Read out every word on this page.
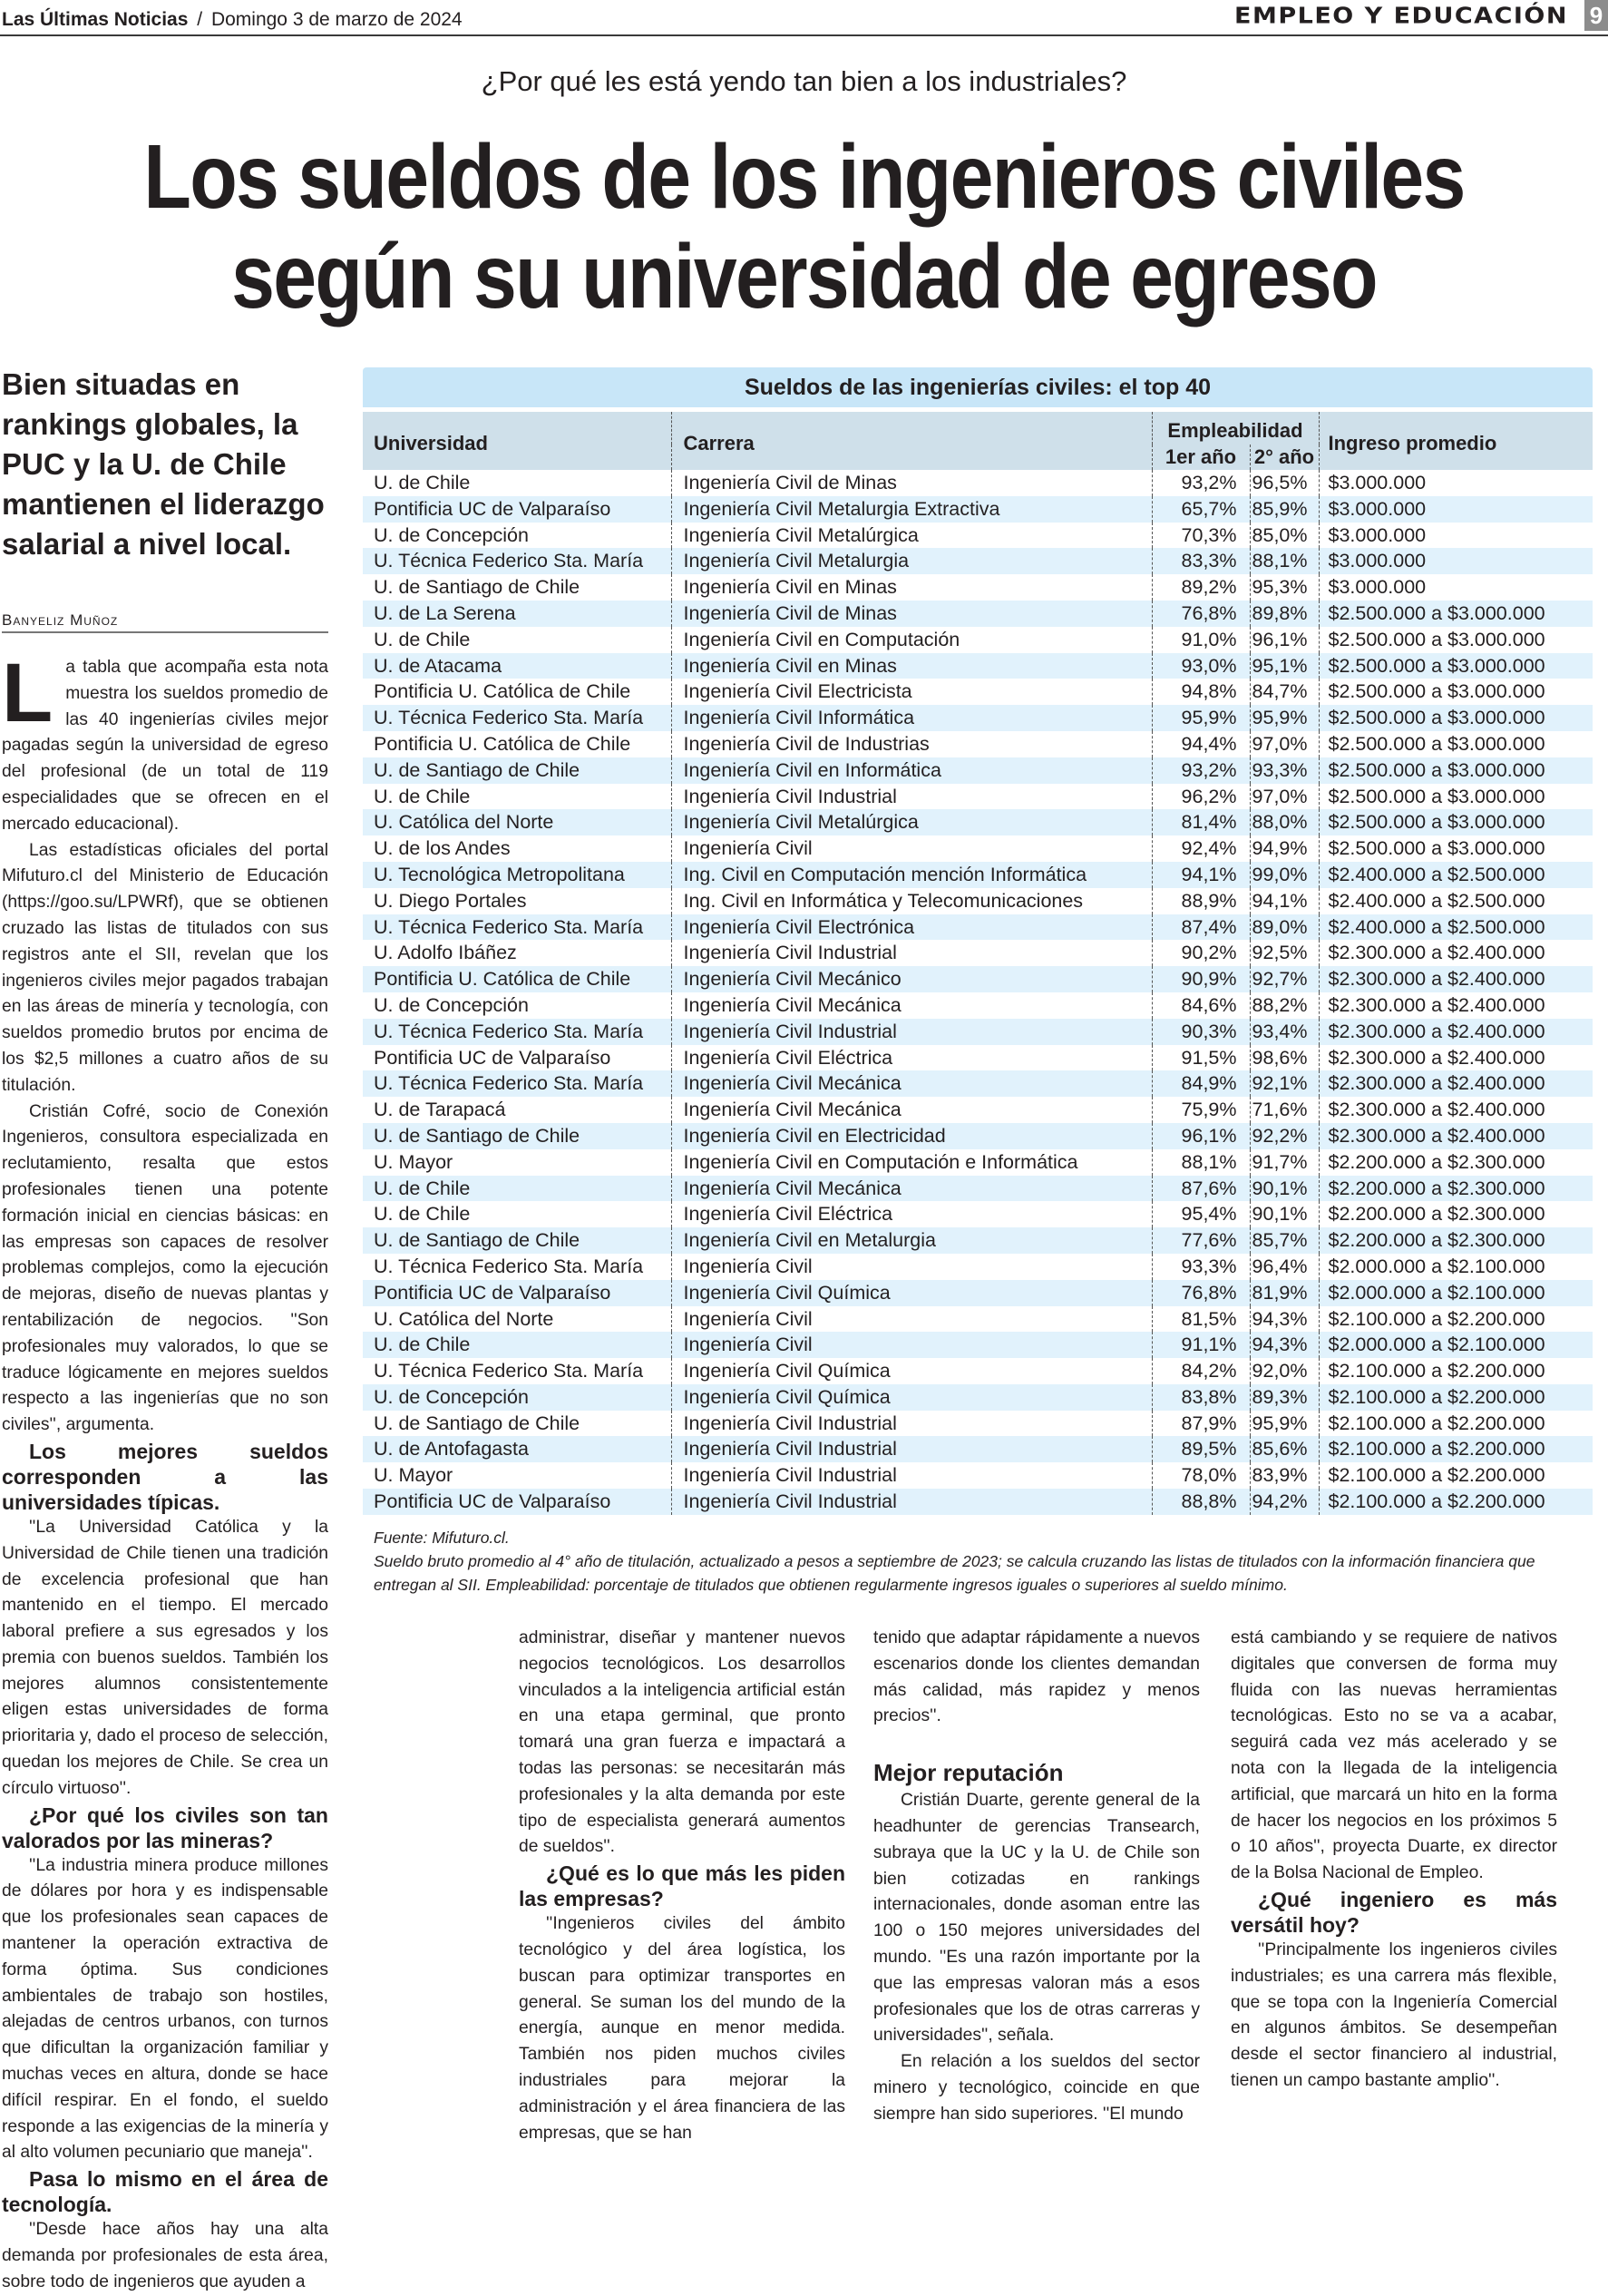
Las Últimas Noticias / Domingo 3 de marzo de 2024	EMPLEO Y EDUCACIÓN 9
¿Por qué les está yendo tan bien a los industriales?
Los sueldos de los ingenieros civiles
según su universidad de egreso
Bien situadas en rankings globales, la PUC y la U. de Chile mantienen el liderazgo salarial a nivel local.
Banyeliz Muñoz

La tabla que acompaña esta nota muestra los sueldos promedio de las 40 ingenierías civiles mejor pagadas según la universidad de egreso del profesional (de un total de 119 especialidades que se ofrecen en el mercado educacional).

Las estadísticas oficiales del portal Mifuturo.cl del Ministerio de Educación (https://goo.su/LPWRf), que se obtienen cruzado las listas de titulados con sus registros ante el SII, revelan que los ingenieros civiles mejor pagados trabajan en las áreas de minería y tecnología, con sueldos promedio brutos por encima de los $2,5 millones a cuatro años de su titulación.

Cristián Cofré, socio de Conexión Ingenieros, consultora especializada en reclutamiento, resalta que estos profesionales tienen una potente formación inicial en ciencias básicas: en las empresas son capaces de resolver problemas complejos, como la ejecución de mejoras, diseño de nuevas plantas y rentabilización de negocios. ''Son profesionales muy valorados, lo que se traduce lógicamente en mejores sueldos respecto a las ingenierías que no son civiles'', argumenta.

Los mejores sueldos corresponden a las universidades típicas.

''La Universidad Católica y la Universidad de Chile tienen una tradición de excelencia profesional que han mantenido en el tiempo. El mercado laboral prefiere a sus egresados y los premia con buenos sueldos. También los mejores alumnos consistentemente eligen estas universidades de forma prioritaria y, dado el proceso de selección, quedan los mejores de Chile. Se crea un círculo virtuoso''.

¿Por qué los civiles son tan valorados por las mineras?

''La industria minera produce millones de dólares por hora y es indispensable que los profesionales sean capaces de mantener la operación extractiva de forma óptima. Sus condiciones ambientales de trabajo son hostiles, alejadas de centros urbanos, con turnos que dificultan la organización familiar y muchas veces en altura, donde se hace difícil respirar. En el fondo, el sueldo responde a las exigencias de la minería y al alto volumen pecuniario que maneja''.

Pasa lo mismo en el área de tecnología.

''Desde hace años hay una alta demanda por profesionales de esta área, sobre todo de ingenieros que ayuden a

Sueldos de las ingenierías civiles: el top 40
Universidad	Carrera	Empleabilidad		Ingreso promedio
		1er año	2° año	
U. de Chile	Ingeniería Civil de Minas	93,2%	96,5%	$3.000.000
Pontificia UC de Valparaíso	Ingeniería Civil Metalurgia Extractiva	65,7%	85,9%	$3.000.000
U. de Concepción	Ingeniería Civil Metalúrgica	70,3%	85,0%	$3.000.000
U. Técnica Federico Sta. María	Ingeniería Civil Metalurgia	83,3%	88,1%	$3.000.000
U. de Santiago de Chile	Ingeniería Civil en Minas	89,2%	95,3%	$3.000.000
U. de La Serena	Ingeniería Civil de Minas	76,8%	89,8%	$2.500.000 a $3.000.000
U. de Chile	Ingeniería Civil en Computación	91,0%	96,1%	$2.500.000 a $3.000.000
U. de Atacama	Ingeniería Civil en Minas	93,0%	95,1%	$2.500.000 a $3.000.000
Pontificia U. Católica de Chile	Ingeniería Civil Electricista	94,8%	84,7%	$2.500.000 a $3.000.000
U. Técnica Federico Sta. María	Ingeniería Civil Informática	95,9%	95,9%	$2.500.000 a $3.000.000
Pontificia U. Católica de Chile	Ingeniería Civil de Industrias	94,4%	97,0%	$2.500.000 a $3.000.000
U. de Santiago de Chile	Ingeniería Civil en Informática	93,2%	93,3%	$2.500.000 a $3.000.000
U. de Chile	Ingeniería Civil Industrial	96,2%	97,0%	$2.500.000 a $3.000.000
U. Católica del Norte	Ingeniería Civil Metalúrgica	81,4%	88,0%	$2.500.000 a $3.000.000
U. de los Andes	Ingeniería Civil	92,4%	94,9%	$2.500.000 a $3.000.000
U. Tecnológica Metropolitana	Ing. Civil en Computación mención Informática	94,1%	99,0%	$2.400.000 a $2.500.000
U. Diego Portales	Ing. Civil en Informática y Telecomunicaciones	88,9%	94,1%	$2.400.000 a $2.500.000
U. Técnica Federico Sta. María	Ingeniería Civil Electrónica	87,4%	89,0%	$2.400.000 a $2.500.000
U. Adolfo Ibáñez	Ingeniería Civil Industrial	90,2%	92,5%	$2.300.000 a $2.400.000
Pontificia U. Católica de Chile	Ingeniería Civil Mecánico	90,9%	92,7%	$2.300.000 a $2.400.000
U. de Concepción	Ingeniería Civil Mecánica	84,6%	88,2%	$2.300.000 a $2.400.000
U. Técnica Federico Sta. María	Ingeniería Civil Industrial	90,3%	93,4%	$2.300.000 a $2.400.000
Pontificia UC de Valparaíso	Ingeniería Civil Eléctrica	91,5%	98,6%	$2.300.000 a $2.400.000
U. Técnica Federico Sta. María	Ingeniería Civil Mecánica	84,9%	92,1%	$2.300.000 a $2.400.000
U. de Tarapacá	Ingeniería Civil Mecánica	75,9%	71,6%	$2.300.000 a $2.400.000
U. de Santiago de Chile	Ingeniería Civil en Electricidad	96,1%	92,2%	$2.300.000 a $2.400.000
U. Mayor	Ingeniería Civil en Computación e Informática	88,1%	91,7%	$2.200.000 a $2.300.000
U. de Chile	Ingeniería Civil Mecánica	87,6%	90,1%	$2.200.000 a $2.300.000
U. de Chile	Ingeniería Civil Eléctrica	95,4%	90,1%	$2.200.000 a $2.300.000
U. de Santiago de Chile	Ingeniería Civil en Metalurgia	77,6%	85,7%	$2.200.000 a $2.300.000
U. Técnica Federico Sta. María	Ingeniería Civil	93,3%	96,4%	$2.000.000 a $2.100.000
Pontificia UC de Valparaíso	Ingeniería Civil Química	76,8%	81,9%	$2.000.000 a $2.100.000
U. Católica del Norte	Ingeniería Civil	81,5%	94,3%	$2.100.000 a $2.200.000
U. de Chile	Ingeniería Civil	91,1%	94,3%	$2.000.000 a $2.100.000
U. Técnica Federico Sta. María	Ingeniería Civil Química	84,2%	92,0%	$2.100.000 a $2.200.000
U. de Concepción	Ingeniería Civil Química	83,8%	89,3%	$2.100.000 a $2.200.000
U. de Santiago de Chile	Ingeniería Civil Industrial	87,9%	95,9%	$2.100.000 a $2.200.000
U. de Antofagasta	Ingeniería Civil Industrial	89,5%	85,6%	$2.100.000 a $2.200.000
U. Mayor	Ingeniería Civil Industrial	78,0%	83,9%	$2.100.000 a $2.200.000
Pontificia UC de Valparaíso	Ingeniería Civil Industrial	88,8%	94,2%	$2.100.000 a $2.200.000
Fuente: Mifuturo.cl.
Sueldo bruto promedio al 4° año de titulación, actualizado a pesos a septiembre de 2023; se calcula cruzando las listas de titulados con la información financiera que entregan al SII. Empleabilidad: porcentaje de titulados que obtienen regularmente ingresos iguales o superiores al sueldo mínimo.

administrar, diseñar y mantener nuevos negocios tecnológicos. Los desarrollos vinculados a la inteligencia artificial están en una etapa germinal, que pronto tomará una gran fuerza e impactará a todas las personas: se necesitarán más profesionales y la alta demanda por este tipo de especialista generará aumentos de sueldos''.

¿Qué es lo que más les piden las empresas?

''Ingenieros civiles del ámbito tecnológico y del área logística, los buscan para optimizar transportes en general. Se suman los del mundo de la energía, aunque en menor medida. También nos piden muchos civiles industriales para mejorar la administración y el área financiera de las empresas, que se han

tenido que adaptar rápidamente a nuevos escenarios donde los clientes demandan más calidad, más rapidez y menos precios''.

Mejor reputación

Cristián Duarte, gerente general de la headhunter de gerencias Transearch, subraya que la UC y la U. de Chile son bien cotizadas en rankings internacionales, donde asoman entre las 100 o 150 mejores universidades del mundo. ''Es una razón importante por la que las empresas valoran más a esos profesionales que los de otras carreras y universidades'', señala.

En relación a los sueldos del sector minero y tecnológico, coincide en que siempre han sido superiores. ''El mundo

está cambiando y se requiere de nativos digitales que conversen de forma muy fluida con las nuevas herramientas tecnológicas. Esto no se va a acabar, seguirá cada vez más acelerado y se nota con la llegada de la inteligencia artificial, que marcará un hito en la forma de hacer los negocios en los próximos 5 o 10 años'', proyecta Duarte, ex director de la Bolsa Nacional de Empleo.

¿Qué ingeniero es más versátil hoy?

''Principalmente los ingenieros civiles industriales; es una carrera más flexible, que se topa con la Ingeniería Comercial en algunos ámbitos. Se desempeñan desde el sector financiero al industrial, tienen un campo bastante amplio''.
